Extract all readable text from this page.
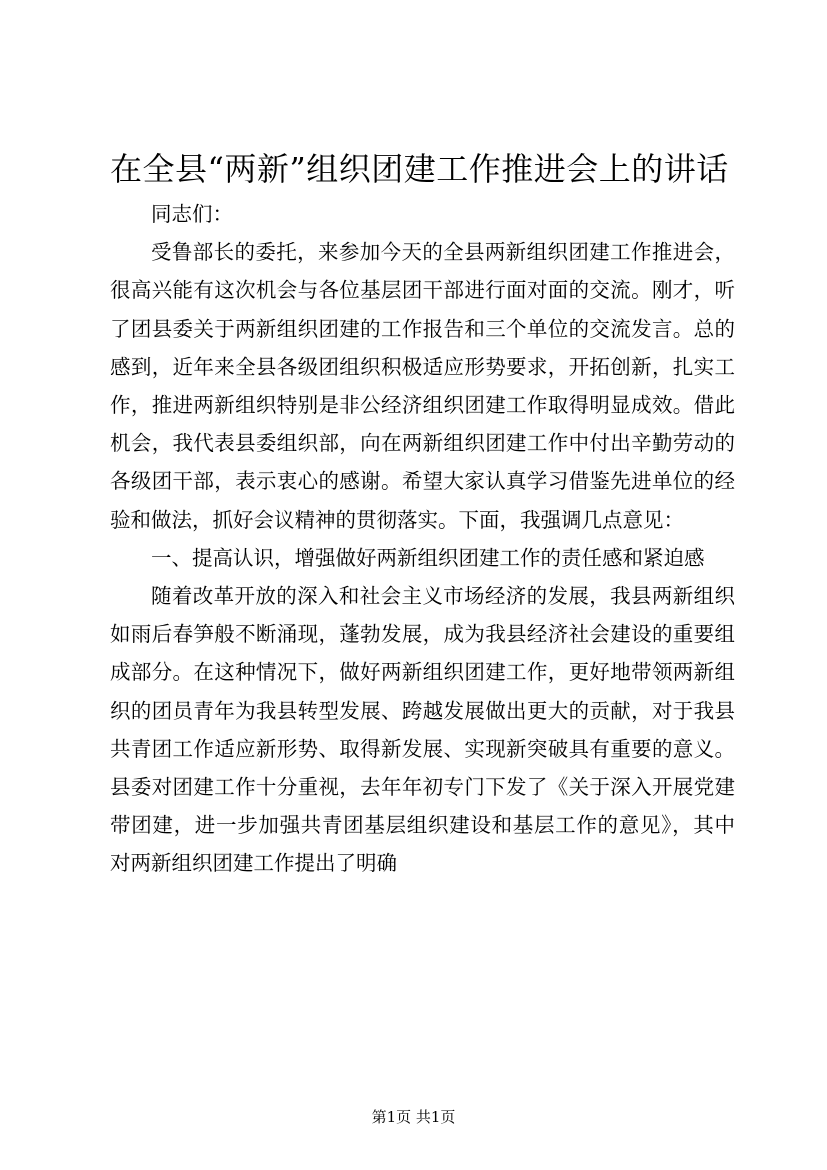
在全县“两新”组织团建工作推进会上的讲话

同志们：

受鲁部长的委托，来参加今天的全县两新组织团建工作推进会，很高兴能有这次机会与各位基层团干部进行面对面的交流。刚才，听了团县委关于两新组织团建的工作报告和三个单位的交流发言。总的感到，近年来全县各级团组织积极适应形势要求，开拓创新，扎实工作，推进两新组织特别是非公经济组织团建工作取得明显成效。借此机会，我代表县委组织部，向在两新组织团建工作中付出辛勤劳动的各级团干部，表示衷心的感谢。希望大家认真学习借鉴先进单位的经验和做法，抓好会议精神的贯彻落实。下面，我强调几点意见：

一、提高认识，增强做好两新组织团建工作的责任感和紧迫感

随着改革开放的深入和社会主义市场经济的发展，我县两新组织如雨后春笋般不断涌现，蓬勃发展，成为我县经济社会建设的重要组成部分。在这种情况下，做好两新组织团建工作，更好地带领两新组织的团员青年为我县转型发展、跨越发展做出更大的贡献，对于我县共青团工作适应新形势、取得新发展、实现新突破具有重要的意义。县委对团建工作十分重视，去年年初专门下发了《关于深入开展党建带团建，进一步加强共青团基层组织建设和基层工作的意见》，其中对两新组织团建工作提出了明确

第1页 共1页
